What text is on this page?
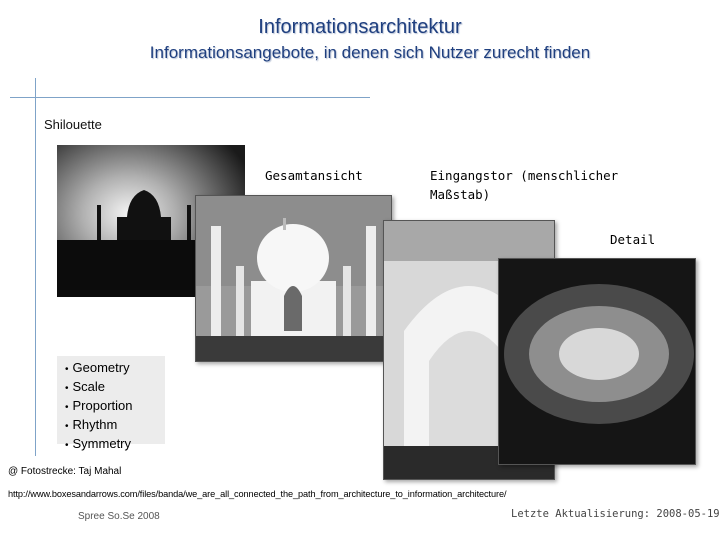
Informationsarchitektur
Informationsangebote, in denen sich Nutzer zurecht finden
Shilouette
Gesamtansicht	Eingangstor (menschlicher
Maßstab)
Detail
• Geometry
• Scale
• Proportion
• Rhythm
• Symmetry
@ Fotostrecke: Taj Mahal
http://www.boxesandarrows.com/files/banda/we_are_all_connected_the_path_from_architecture_to_information_architecture/
Spree So.Se 2008	Letzte Aktualisierung: 2008-05-19
